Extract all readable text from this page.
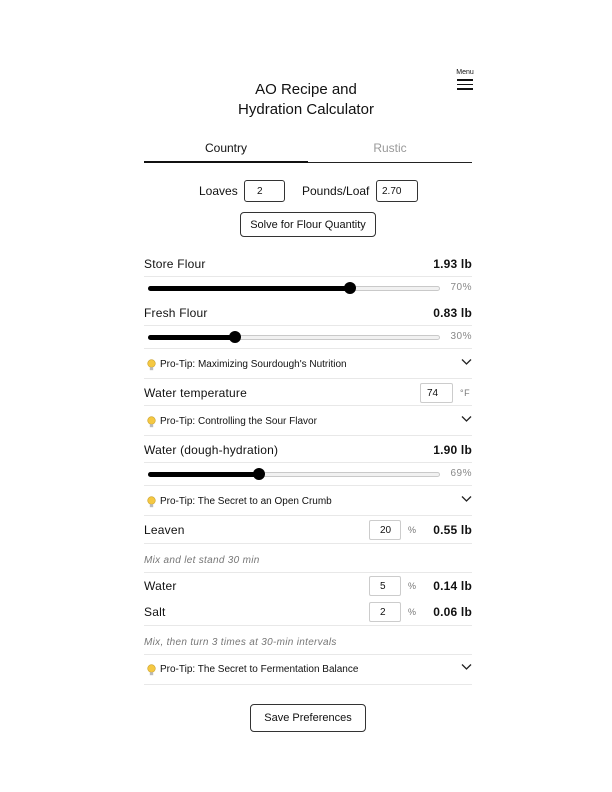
Menu
AO Recipe and
Hydration Calculator
Country	Rustic
Loaves
2	Pounds/Loaf
2.70
Solve for Flour Quantity
Store Flour	1.93 lb
70%
Fresh Flour	0.83 lb
30%
Pro-Tip: Maximizing Sourdough's Nutrition
Water temperature
74	°F
Pro-Tip: Controlling the Sour Flavor
Water (dough-hydration)	1.90 lb
69%
Pro-Tip: The Secret to an Open Crumb
Leaven
20	% 0.55 lb
Mix and let stand 30 min
Water
5	% 0.14 lb
Salt
2	% 0.06 lb
Mix, then turn 3 times at 30-min intervals
Pro-Tip: The Secret to Fermentation Balance
Save Preferences
